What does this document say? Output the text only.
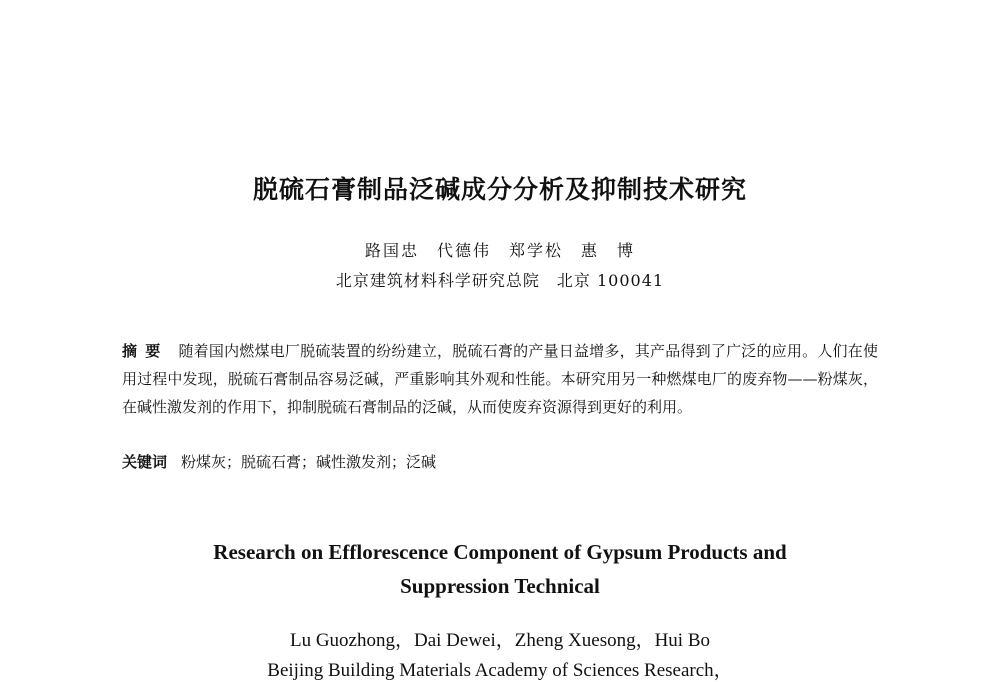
脱硫石膏制品泛碱成分分析及抑制技术研究
路国忠　代德伟　郑学松　惠　博
北京建筑材料科学研究总院　北京 100041
摘要 随着国内燃煤电厂脱硫装置的纷纷建立，脱硫石膏的产量日益增多，其产品得到了广泛的应用。人们在使用过程中发现，脱硫石膏制品容易泛碱，严重影响其外观和性能。本研究用另一种燃煤电厂的废弃物——粉煤灰，在碱性激发剂的作用下，抑制脱硫石膏制品的泛碱，从而使废弃资源得到更好的利用。
关键词 粉煤灰；脱硫石膏；碱性激发剂；泛碱
Research on Efflorescence Component of Gypsum Products and
Suppression Technical
Lu Guozhong，Dai Dewei，Zheng Xuesong，Hui Bo
Beijing Building Materials Academy of Sciences Research，
